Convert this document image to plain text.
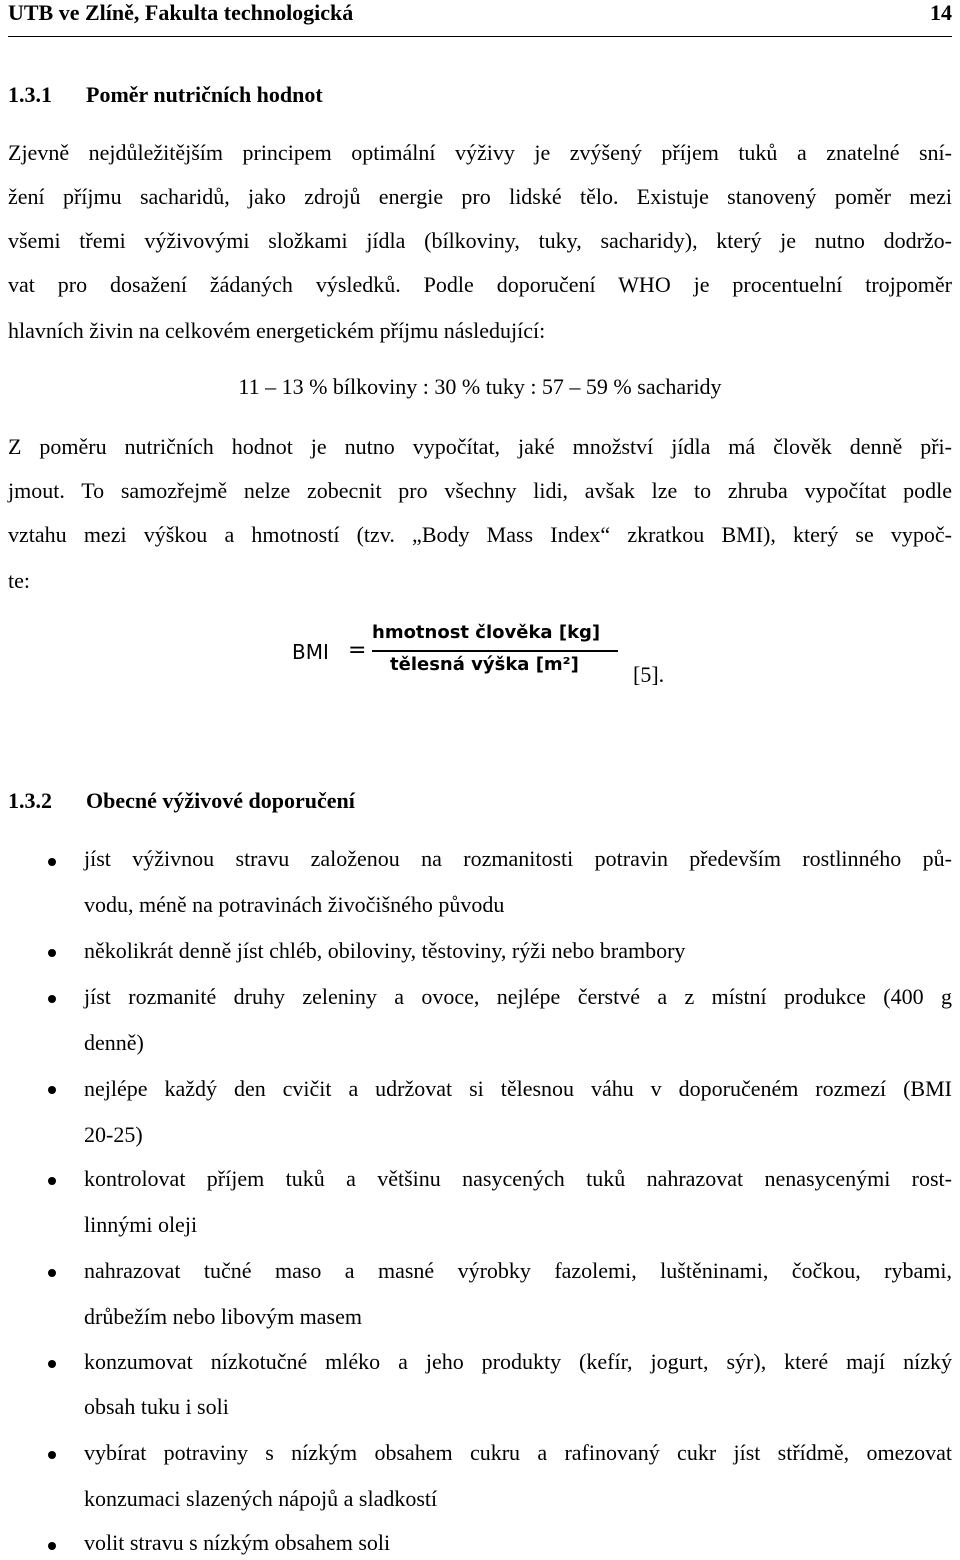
UTB ve Zlíně, Fakulta technologická	14
1.3.1 Poměr nutričních hodnot
Zjevně nejdůležitějším principem optimální výživy je zvýšený příjem tuků a znatelné sní-
žení příjmu sacharidů, jako zdrojů energie pro lidské tělo. Existuje stanovený poměr mezi
všemi třemi výživovými složkami jídla (bílkoviny, tuky, sacharidy), který je nutno dodržo-
vat pro dosažení žádaných výsledků. Podle doporučení WHO je procentuelní trojpoměr
hlavních živin na celkovém energetickém příjmu následující:
11 – 13 % bílkoviny : 30 % tuky : 57 – 59 % sacharidy
Z poměru nutričních hodnot je nutno vypočítat, jaké množství jídla má člověk denně při-
jmout. To samozřejmě nelze zobecnit pro všechny lidi, avšak lze to zhruba vypočítat podle
vztahu mezi výškou a hmotností (tzv. „Body Mass Index“ zkratkou BMI), který se vypoč-
te:
BMI =
hmotnost člověka [kg]
tělesná výška [m²] [5].
1.3.2 Obecné výživové doporučení
jíst výživnou stravu založenou na rozmanitosti potravin především rostlinného pů-
vodu, méně na potravinách živočišného původu
několikrát denně jíst chléb, obiloviny, těstoviny, rýži nebo brambory
jíst rozmanité druhy zeleniny a ovoce, nejlépe čerstvé a z místní produkce (400 g
denně)
nejlépe každý den cvičit a udržovat si tělesnou váhu v doporučeném rozmezí (BMI
20-25)
kontrolovat příjem tuků a většinu nasycených tuků nahrazovat nenasycenými rost-
linnými oleji
nahrazovat tučné maso a masné výrobky fazolemi, luštěninami, čočkou, rybami,
drůbežím nebo libovým masem
konzumovat nízkotučné mléko a jeho produkty (kefír, jogurt, sýr), které mají nízký
obsah tuku i soli
vybírat potraviny s nízkým obsahem cukru a rafinovaný cukr jíst střídmě, omezovat
konzumaci slazených nápojů a sladkostí
volit stravu s nízkým obsahem soli
